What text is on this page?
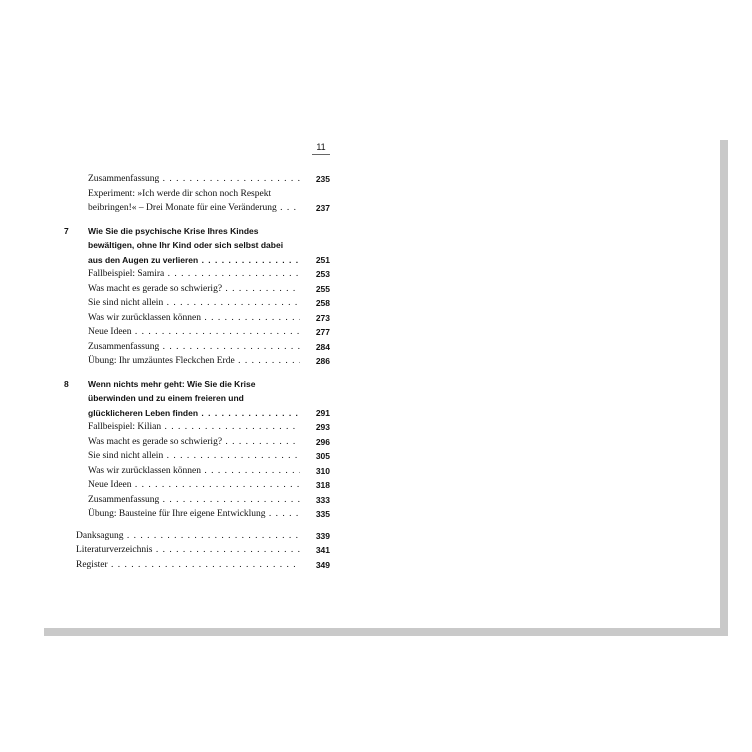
11
Zusammenfassung . . .	235
Experiment: »Ich werde dir schon noch Respekt
beibringen!« – Drei Monate für eine Veränderung . . .	237
7	Wie Sie die psychische Krise Ihres Kindes
bewältigen, ohne Ihr Kind oder sich selbst dabei
aus den Augen zu verlieren . . .	251
Fallbeispiel: Samira . . .	253
Was macht es gerade so schwierig? . . .	255
Sie sind nicht allein . . .	258
Was wir zurücklassen können . . .	273
Neue Ideen . . .	277
Zusammenfassung . . .	284
Übung: Ihr umzäuntes Fleckchen Erde . . .	286
8	Wenn nichts mehr geht: Wie Sie die Krise
überwinden und zu einem freieren und
glücklicheren Leben finden . . .	291
Fallbeispiel: Kilian . . .	293
Was macht es gerade so schwierig? . . .	296
Sie sind nicht allein . . .	305
Was wir zurücklassen können . . .	310
Neue Ideen . . .	318
Zusammenfassung . . .	333
Übung: Bausteine für Ihre eigene Entwicklung . . .	335
Danksagung . . .	339
Literaturverzeichnis . . .	341
Register . . .	349
